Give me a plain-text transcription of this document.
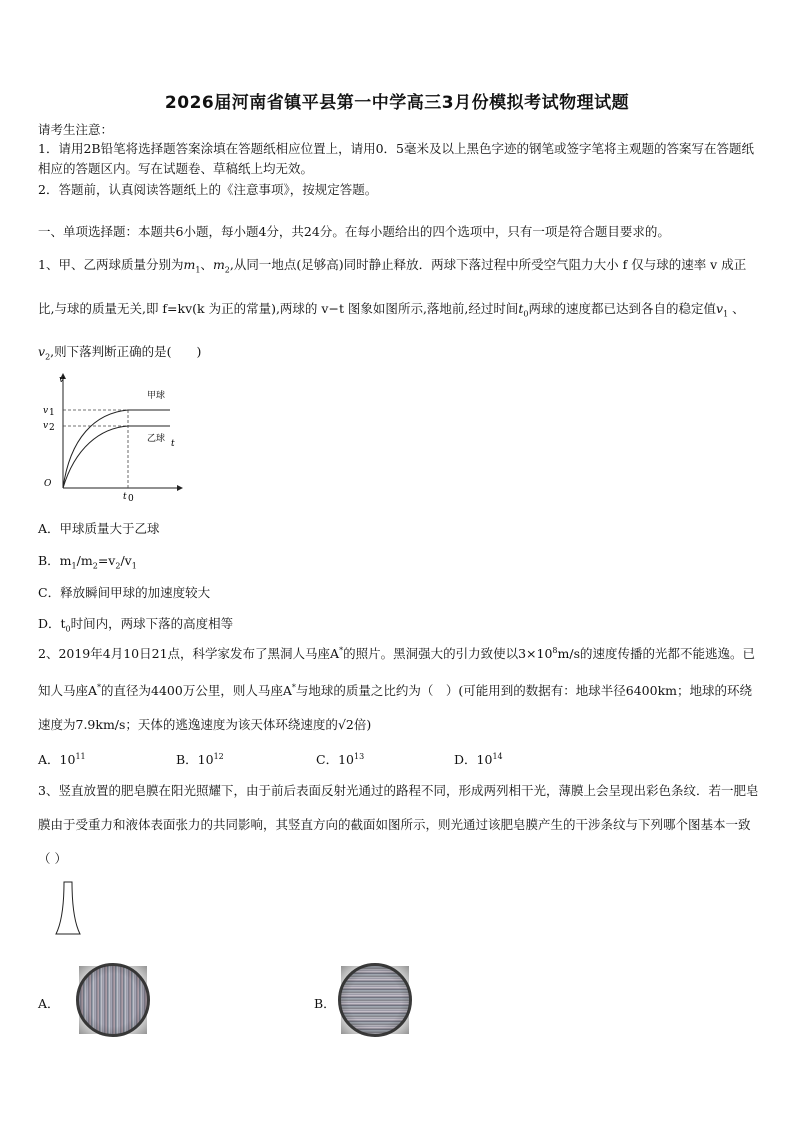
2026届河南省镇平县第一中学高三3月份模拟考试物理试题
请考生注意：
1．请用2B铅笔将选择题答案涂填在答题纸相应位置上，请用0．5毫米及以上黑色字迹的钢笔或签字笔将主观题的答案写在答题纸相应的答题区内。写在试题卷、草稿纸上均无效。
2．答题前，认真阅读答题纸上的《注意事项》，按规定答题。
一、单项选择题：本题共6小题，每小题4分，共24分。在每小题给出的四个选项中，只有一项是符合题目要求的。
1、甲、乙两球质量分别为$m_1$、$m_2$,从同一地点(足够高)同时静止释放．两球下落过程中所受空气阻力大小 f 仅与球的速率 v 成正比,与球的质量无关,即 f=kv(k 为正的常量),两球的 v−t 图象如图所示,落地前,经过时间$t_0$两球的速度都已达到各自的稳定值$v_1$ 、$v_2$,则下落判断正确的是(　　)
v
t
O
v 1
v 2
t 0
甲球
乙球
A．甲球质量大于乙球
B．$m_1/m_2=v_2/v_1$
C．释放瞬间甲球的加速度较大
D．$t_0$时间内，两球下落的高度相等
2、2019年4月10日21点，科学家发布了黑洞人马座A*的照片。黑洞强大的引力致使以$3\times 10^8m/s$的速度传播的光都不能逃逸。已知人马座A*的直径为4400万公里，则人马座A*与地球的质量之比约为（　）(可能用到的数据有：地球半径6400km；地球的环绕速度为7.9km/s；天体的逃逸速度为该天体环绕速度的√2倍)
A．$10^{11}$	B．$10^{12}$	C．$10^{13}$	D．$10^{14}$
3、竖直放置的肥皂膜在阳光照耀下，由于前后表面反射光通过的路程不同，形成两列相干光，薄膜上会呈现出彩色条纹．若一肥皂膜由于受重力和液体表面张力的共同影响，其竖直方向的截面如图所示，则光通过该肥皂膜产生的干涉条纹与下列哪个图基本一致（ ）
A．	B．
